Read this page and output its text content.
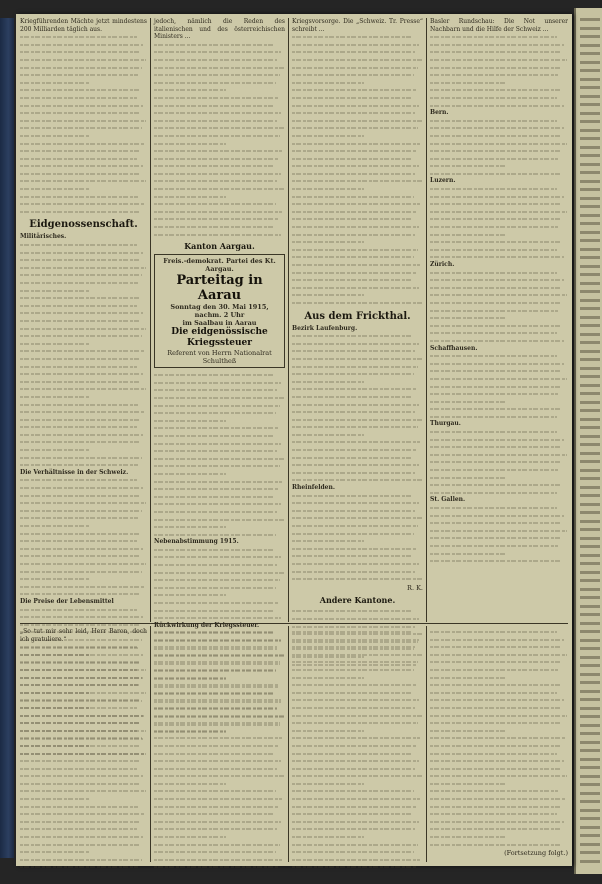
Kriegführenden Mächte jetzt mindestens 200 Milliarden täglich aus.
Eidgenossenschaft.
Militärisches.
Die Verhältnisse in der Schweiz.
Die Preise der Lebensmittel
jedoch, nämlich die Reden des italienischen und des österreichischen Ministers ...
Kanton Aargau.
Freis.-demokrat. Partei des Kt. Aargau.
Parteitag in Aarau
Sonntag den 30. Mai 1915, nachm. 2 Uhr
im Saalbau in Aarau
Die eidgenössische Kriegssteuer
Referent von Herrn Nationalrat Schultheß
Nebenabstimmung 1915.
Rückwirkung der Kriegssteuer.
Kriegsvorsorge. Die „Schweiz. Tr. Presse“ schreibt ...
Aus dem Frickthal.
Bezirk Laufenburg.
Rheinfelden.
R. K.
Andere Kantone.
Basler Rundschau: Die Not unserer Nachbarn und die Hilfe der Schweiz ...
Bern.
Luzern.
Zürich.
Schaffhausen.
Thurgau.
St. Gallen.
„So tut mir sehr leid, Herr Baron, doch ich gratuliere.“
(Fortsetzung folgt.)
